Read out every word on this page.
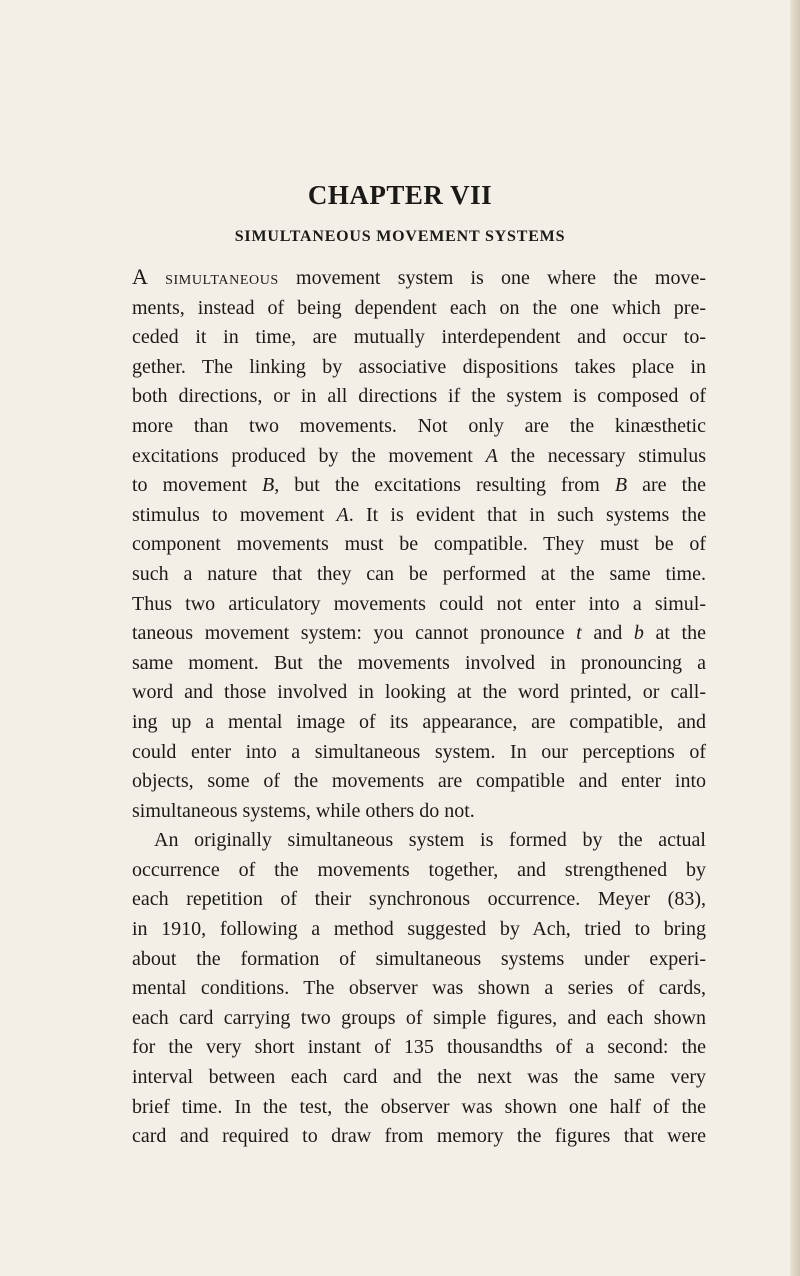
CHAPTER VII
SIMULTANEOUS MOVEMENT SYSTEMS
A simultaneous movement system is one where the move-
ments, instead of being dependent each on the one which pre-
ceded it in time, are mutually interdependent and occur to-
gether. The linking by associative dispositions takes place in
both directions, or in all directions if the system is composed of
more than two movements. Not only are the kinæsthetic
excitations produced by the movement A the necessary stimulus
to movement B, but the excitations resulting from B are the
stimulus to movement A. It is evident that in such systems the
component movements must be compatible. They must be of
such a nature that they can be performed at the same time.
Thus two articulatory movements could not enter into a simul-
taneous movement system: you cannot pronounce t and b at the
same moment. But the movements involved in pronouncing a
word and those involved in looking at the word printed, or call-
ing up a mental image of its appearance, are compatible, and
could enter into a simultaneous system. In our perceptions of
objects, some of the movements are compatible and enter into
simultaneous systems, while others do not.
An originally simultaneous system is formed by the actual
occurrence of the movements together, and strengthened by
each repetition of their synchronous occurrence. Meyer (83),
in 1910, following a method suggested by Ach, tried to bring
about the formation of simultaneous systems under experi-
mental conditions. The observer was shown a series of cards,
each card carrying two groups of simple figures, and each shown
for the very short instant of 135 thousandths of a second: the
interval between each card and the next was the same very
brief time. In the test, the observer was shown one half of the
card and required to draw from memory the figures that were
